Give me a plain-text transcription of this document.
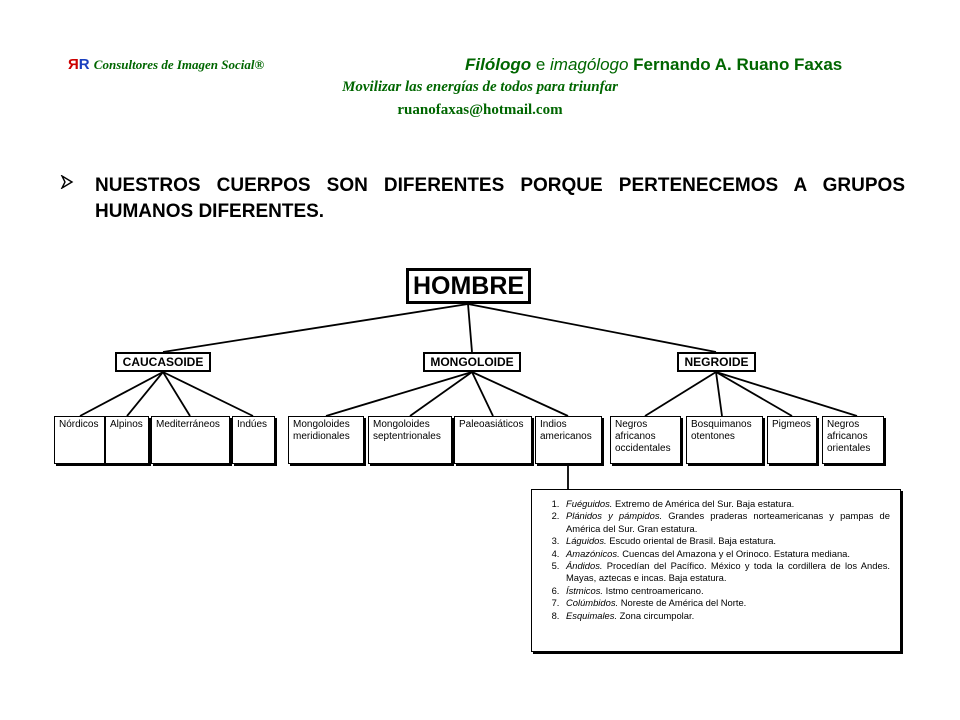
ЯR Consultores de Imagen Social®	Filólogo e imagólogo Fernando A. Ruano Faxas
Movilizar las energías de todos para triunfar
ruanofaxas@hotmail.com
NUESTROS CUERPOS SON DIFERENTES PORQUE PERTENECEMOS A GRUPOS HUMANOS DIFERENTES.
HOMBRE
CAUCASOIDE	MONGOLOIDE	NEGROIDE
Nórdicos	Alpinos	Mediterráneos	Indúes	Mongoloides meridionales
Mongoloides septentrionales
Paleoasiáticos	Indios americanos
Negros africanos occidentales
Bosquimanos otentones
Pigmeos	Negros africanos orientales
1. Fuéguidos. Extremo de América del Sur. Baja estatura.
2. Plánidos y pámpidos. Grandes praderas norteamericanas y pampas de América del Sur. Gran estatura.
3. Láguidos. Escudo oriental de Brasil. Baja estatura.
4. Amazónicos. Cuencas del Amazona y el Orinoco. Estatura mediana.
5. Ándidos. Procedían del Pacífico. México y toda la cordillera de los Andes. Mayas, aztecas e incas. Baja estatura.
6. Ístmicos. Istmo centroamericano.
7. Colúmbidos. Noreste de América del Norte.
8. Esquimales. Zona circumpolar.
